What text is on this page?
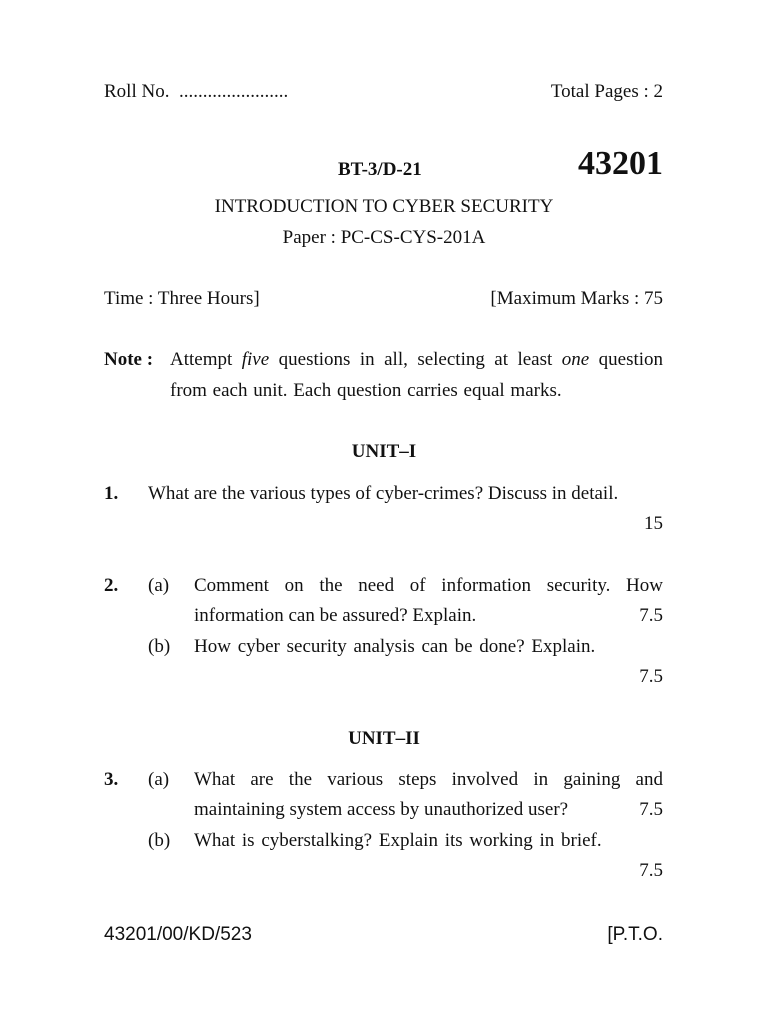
Roll No. .......................	Total Pages : 2
BT-3/D-21	43201
INTRODUCTION TO CYBER SECURITY
Paper : PC-CS-CYS-201A
Time : Three Hours]	[Maximum Marks : 75
Note : Attempt five questions in all, selecting at least one question
from each unit. Each question carries equal marks.
UNIT–I
1. What are the various types of cyber-crimes? Discuss in detail.
15
2. (a) Comment on the need of information security. How
information can be assured? Explain.	7.5
(b) How cyber security analysis can be done? Explain.
7.5
UNIT–II
3. (a) What are the various steps involved in gaining and
maintaining system access by unauthorized user?	7.5
(b) What is cyberstalking? Explain its working in brief.
7.5
43201/00/KD/523	[P.T.O.
